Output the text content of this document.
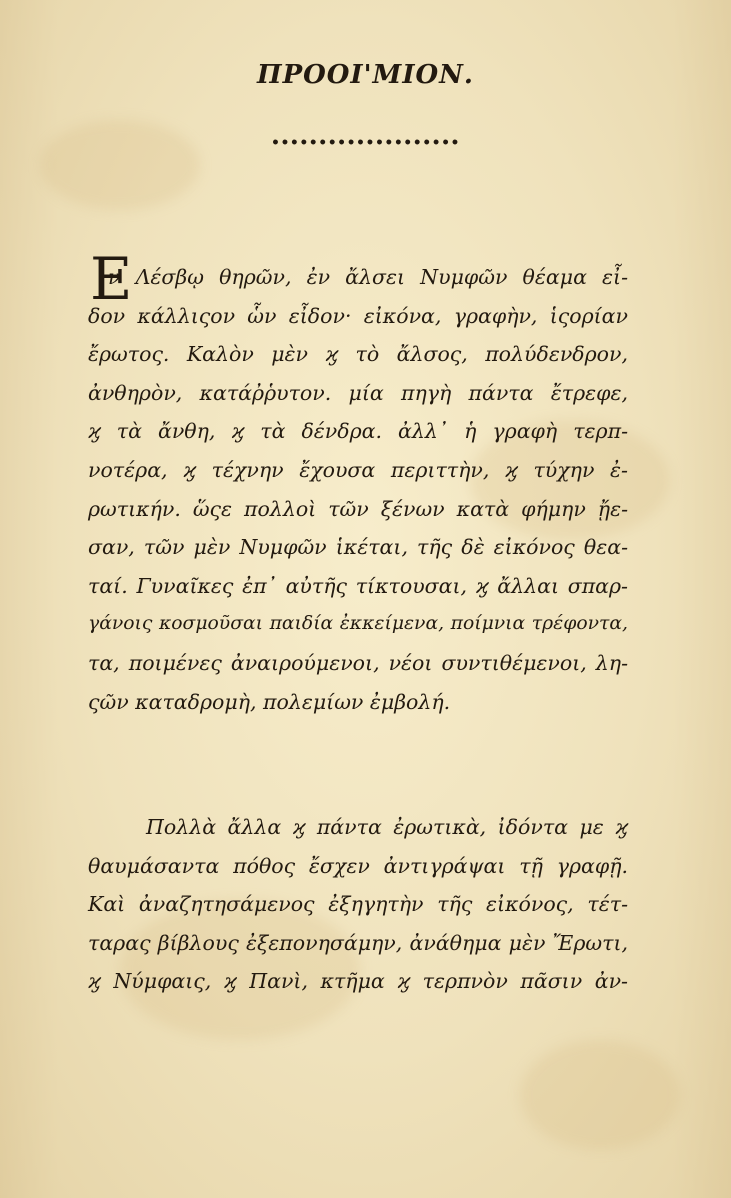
ΠΡΟΟΙ'ΜΙΟΝ.
••••••••••••••••••••
Ε
ν Λέσβῳ θηρῶν, ἐν ἄλσει Νυμφῶν θέαμα εἶ-
δον κάλλιςον ὧν εἶδον· εἰκόνα, γραφὴν, ἱςορίαν
ἔρωτος. Καλὸν μὲν ϗ τὸ ἄλσος, πολύδενδρον,
ἀνθηρὸν, κατάῤῥυτον. μία πηγὴ πάντα ἔτρεφε,
ϗ τὰ ἄνθη, ϗ τὰ δένδρα. ἀλλ᾽ ἡ γραφὴ τερπ-
νοτέρα, ϗ τέχνην ἔχουσα περιττὴν, ϗ τύχην ἐ-
ρωτικήν. ὥςε πολλοὶ τῶν ξένων κατὰ φήμην ᾔε-
σαν, τῶν μὲν Νυμφῶν ἱκέται, τῆς δὲ εἰκόνος θεα-
ταί. Γυναῖκες ἐπ᾽ αὐτῆς τίκτουσαι, ϗ ἄλλαι σπαρ-
γάνοις κοσμοῦσαι παιδία ἐκκείμενα, ποίμνια τρέφοντα,
τα, ποιμένες ἀναιρούμενοι, νέοι συντιθέμενοι, λη-
ςῶν καταδρομὴ, πολεμίων ἐμβολή.
Πολλὰ ἄλλα ϗ πάντα ἐρωτικὰ, ἰδόντα με ϗ
θαυμάσαντα πόθος ἔσχεν ἀντιγράψαι τῇ γραφῇ.
Καὶ ἀναζητησάμενος ἐξηγητὴν τῆς εἰκόνος, τέτ-
ταρας βίβλους ἐξεπονησάμην, ἀνάθημα μὲν Ἔρωτι,
ϗ Νύμφαις, ϗ Πανὶ, κτῆμα ϗ τερπνὸν πᾶσιν ἀν-
